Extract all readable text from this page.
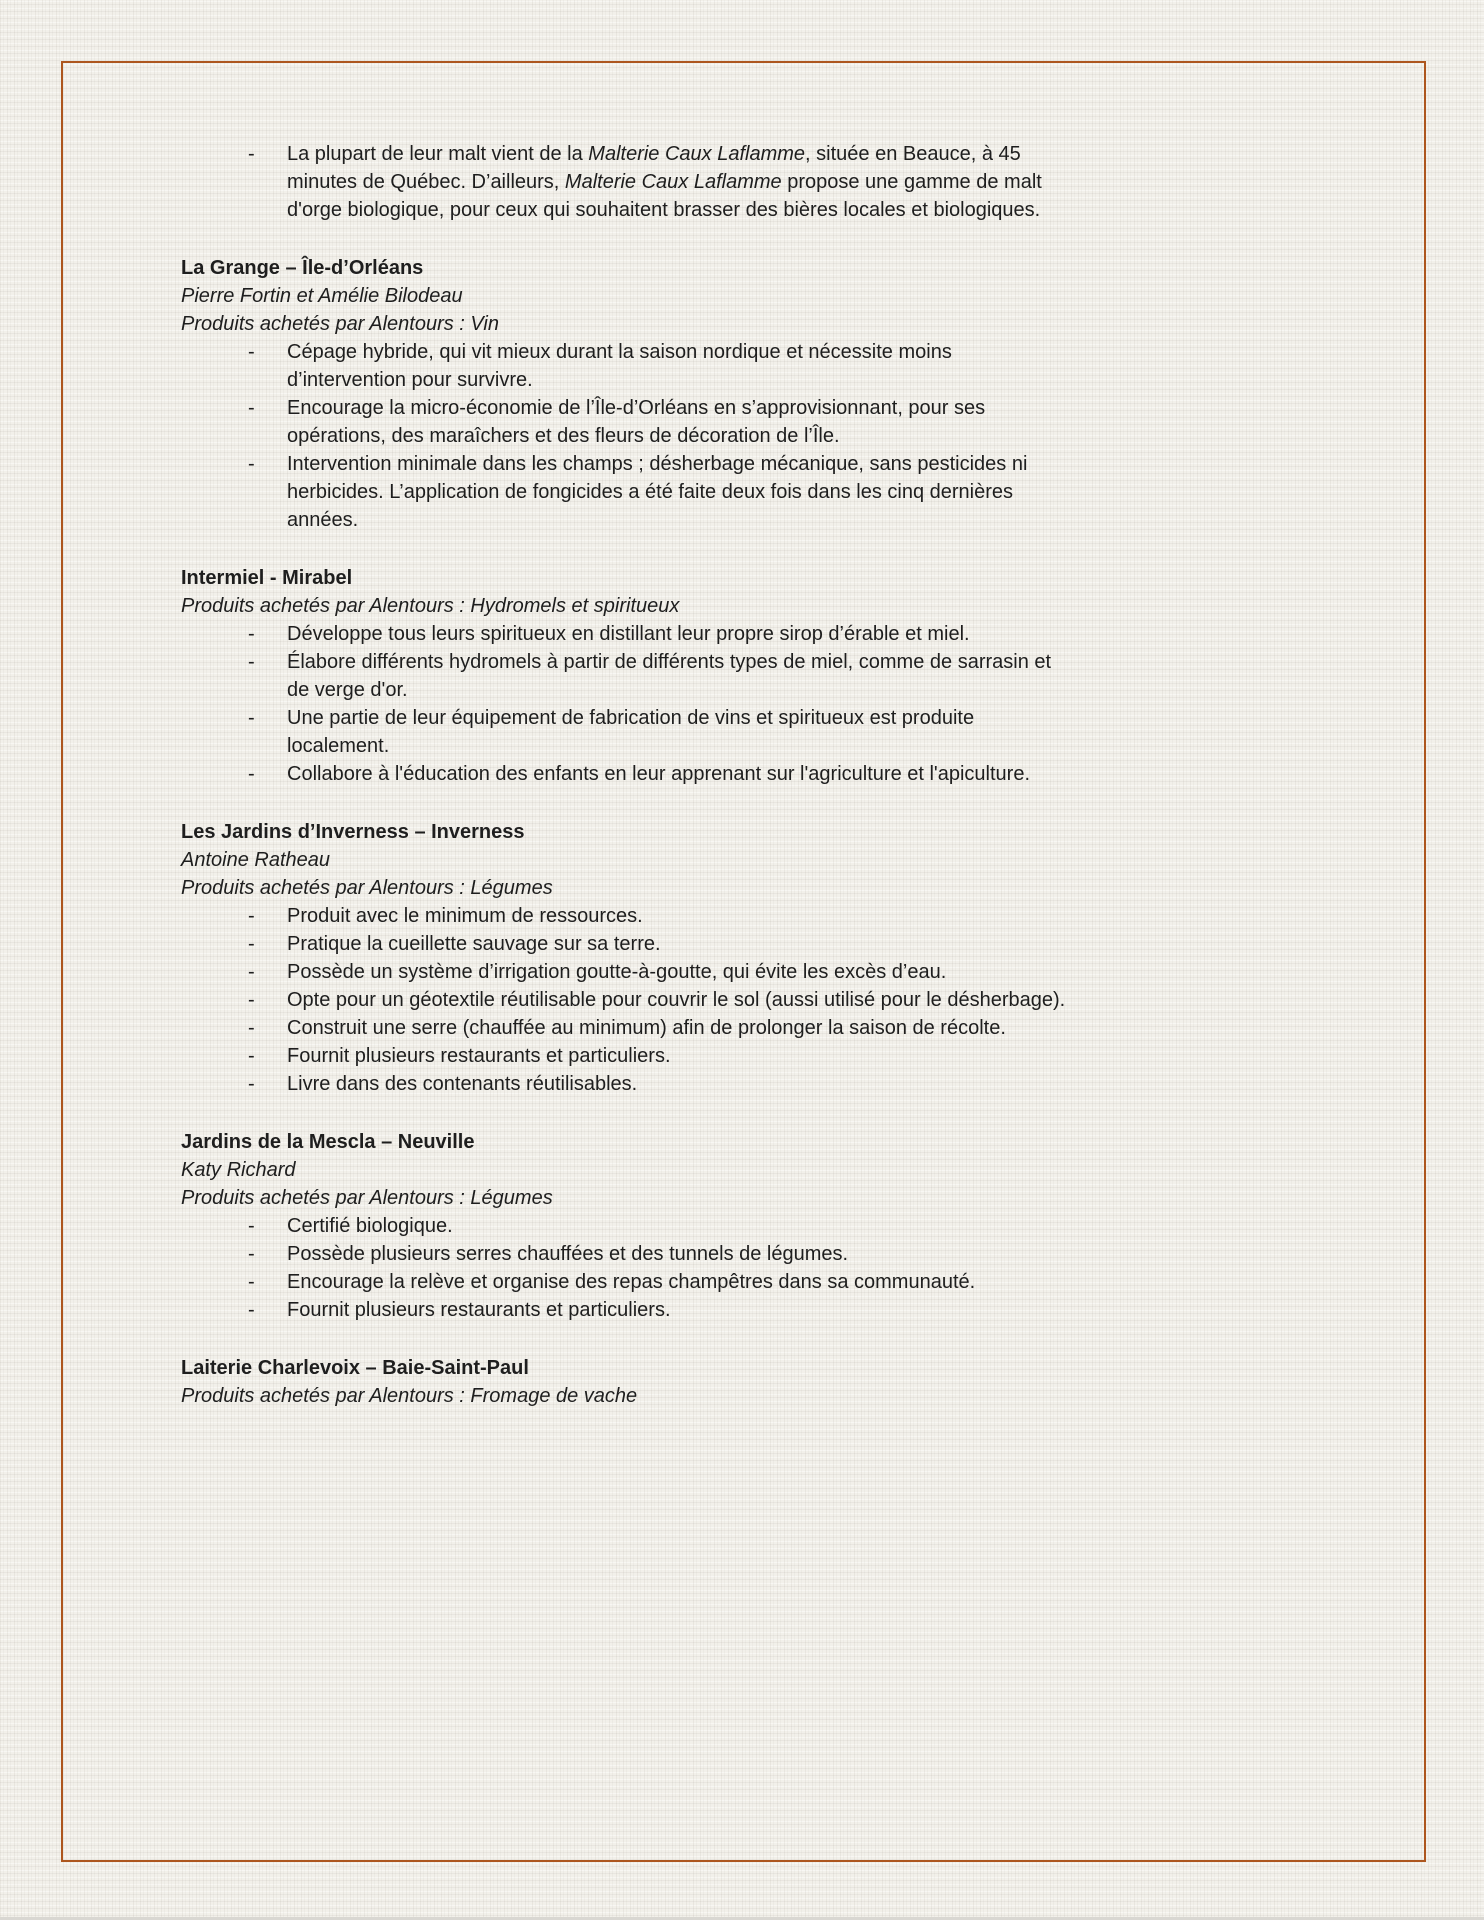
-	La plupart de leur malt vient de la Malterie Caux Laflamme, située en Beauce, à 45 minutes de Québec. D’ailleurs, Malterie Caux Laflamme propose une gamme de malt d'orge biologique, pour ceux qui souhaitent brasser des bières locales et biologiques.
La Grange – Île-d’Orléans
Pierre Fortin et Amélie Bilodeau
Produits achetés par Alentours : Vin
-	Cépage hybride, qui vit mieux durant la saison nordique et nécessite moins d’intervention pour survivre.
-	Encourage la micro-économie de l’Île-d’Orléans en s’approvisionnant, pour ses opérations, des maraîchers et des fleurs de décoration de l’Île.
-	Intervention minimale dans les champs ; désherbage mécanique, sans pesticides ni herbicides. L’application de fongicides a été faite deux fois dans les cinq dernières années.
Intermiel - Mirabel
Produits achetés par Alentours : Hydromels et spiritueux
-	Développe tous leurs spiritueux en distillant leur propre sirop d’érable et miel.
-	Élabore différents hydromels à partir de différents types de miel, comme de sarrasin et de verge d'or.
-	Une partie de leur équipement de fabrication de vins et spiritueux est produite localement.
-	Collabore à l'éducation des enfants en leur apprenant sur l'agriculture et l'apiculture.
Les Jardins d’Inverness – Inverness
Antoine Ratheau
Produits achetés par Alentours : Légumes
-	Produit avec le minimum de ressources.
-	Pratique la cueillette sauvage sur sa terre.
-	Possède un système d’irrigation goutte-à-goutte, qui évite les excès d’eau.
-	Opte pour un géotextile réutilisable pour couvrir le sol (aussi utilisé pour le désherbage).
-	Construit une serre (chauffée au minimum) afin de prolonger la saison de récolte.
-	Fournit plusieurs restaurants et particuliers.
-	Livre dans des contenants réutilisables.
Jardins de la Mescla – Neuville
Katy Richard
Produits achetés par Alentours : Légumes
-	Certifié biologique.
-	Possède plusieurs serres chauffées et des tunnels de légumes.
-	Encourage la relève et organise des repas champêtres dans sa communauté.
-	Fournit plusieurs restaurants et particuliers.
Laiterie Charlevoix – Baie-Saint-Paul
Produits achetés par Alentours : Fromage de vache
